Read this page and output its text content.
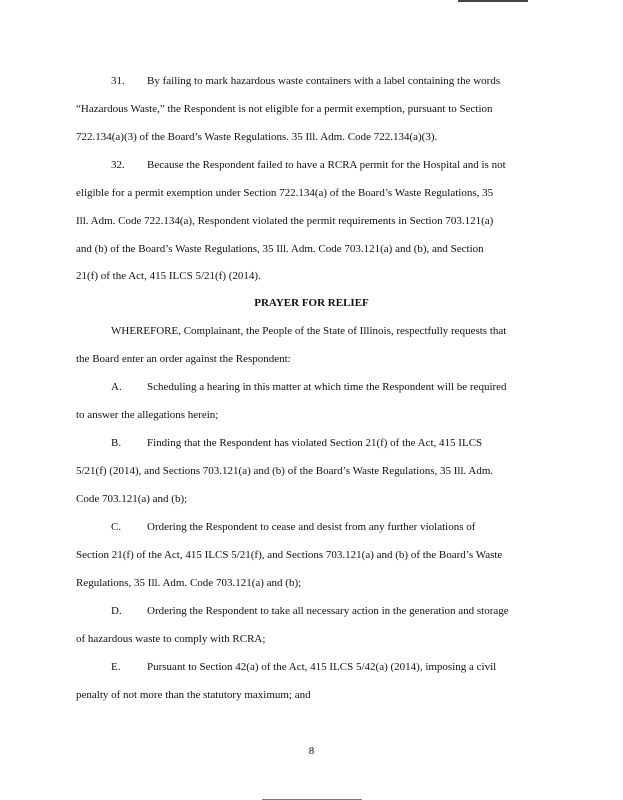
31. By failing to mark hazardous waste containers with a label containing the words
“Hazardous Waste,” the Respondent is not eligible for a permit exemption, pursuant to Section
722.134(a)(3) of the Board’s Waste Regulations. 35 Ill. Adm. Code 722.134(a)(3).
32. Because the Respondent failed to have a RCRA permit for the Hospital and is not
eligible for a permit exemption under Section 722.134(a) of the Board’s Waste Regulations, 35
Ill. Adm. Code 722.134(a), Respondent violated the permit requirements in Section 703.121(a)
and (b) of the Board’s Waste Regulations, 35 Ill. Adm. Code 703.121(a) and (b), and Section
21(f) of the Act, 415 ILCS 5/21(f) (2014).
PRAYER FOR RELIEF
WHEREFORE, Complainant, the People of the State of Illinois, respectfully requests that
the Board enter an order against the Respondent:
A. Scheduling a hearing in this matter at which time the Respondent will be required
to answer the allegations herein;
B. Finding that the Respondent has violated Section 21(f) of the Act, 415 ILCS
5/21(f) (2014), and Sections 703.121(a) and (b) of the Board’s Waste Regulations, 35 Ill. Adm.
Code 703.121(a) and (b);
C. Ordering the Respondent to cease and desist from any further violations of
Section 21(f) of the Act, 415 ILCS 5/21(f), and Sections 703.121(a) and (b) of the Board’s Waste
Regulations, 35 Ill. Adm. Code 703.121(a) and (b);
D. Ordering the Respondent to take all necessary action in the generation and storage
of hazardous waste to comply with RCRA;
E. Pursuant to Section 42(a) of the Act, 415 ILCS 5/42(a) (2014), imposing a civil
penalty of not more than the statutory maximum; and
8
